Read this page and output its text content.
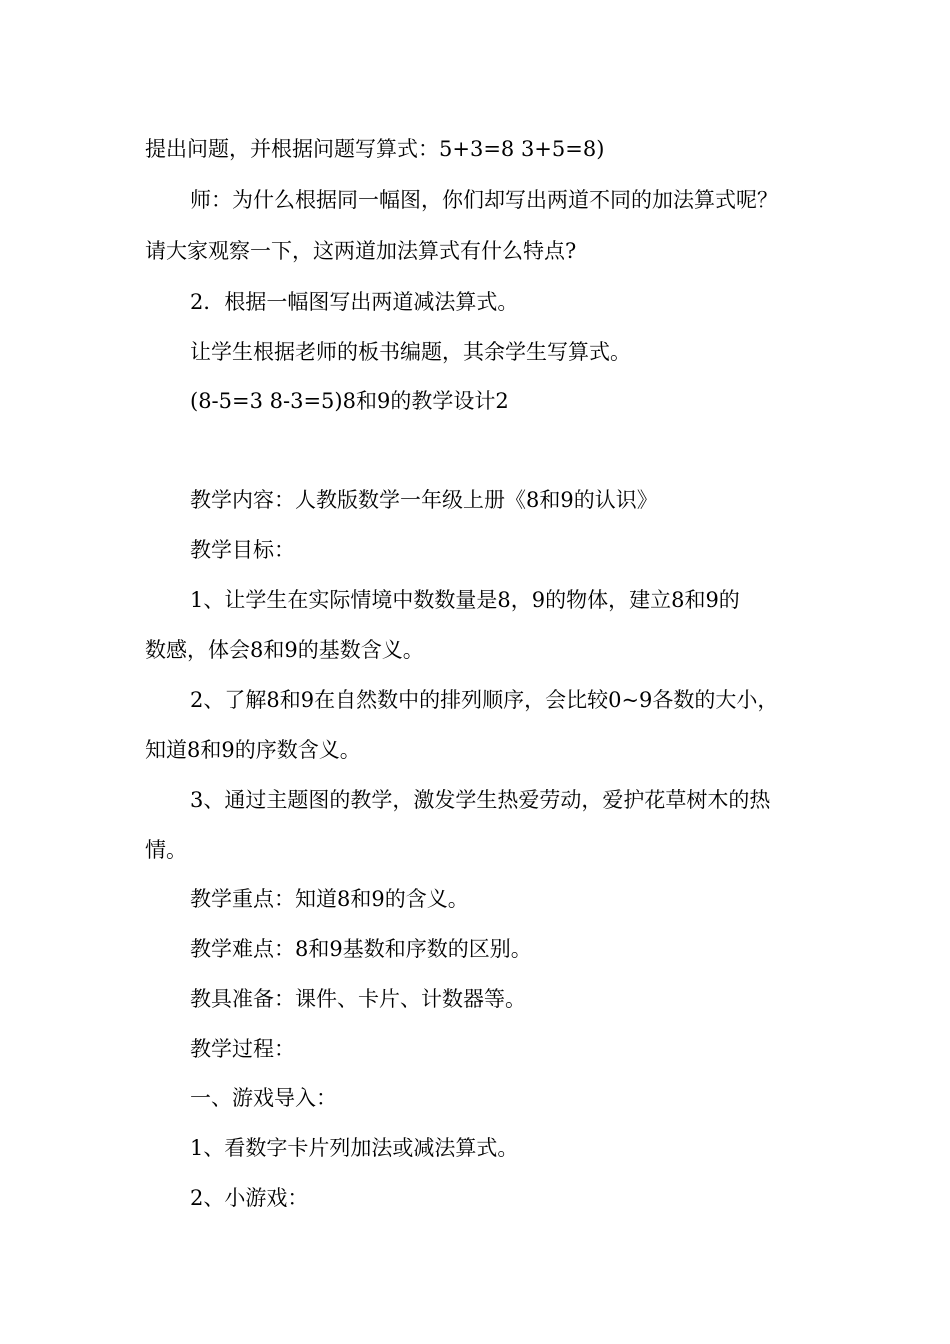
提出问题，并根据问题写算式：5+3=8 3+5=8)
师：为什么根据同一幅图，你们却写出两道不同的加法算式呢？
请大家观察一下，这两道加法算式有什么特点?
2．根据一幅图写出两道减法算式。
让学生根据老师的板书编题，其余学生写算式。
(8-5=3 8-3=5)8和9的教学设计2
教学内容：人教版数学一年级上册《8和9的认识》
教学目标：
1、让学生在实际情境中数数量是8，9的物体，建立8和9的
数感，体会8和9的基数含义。
2、了解8和9在自然数中的排列顺序，会比较0~9各数的大小，
知道8和9的序数含义。
3、通过主题图的教学，激发学生热爱劳动，爱护花草树木的热
情。
教学重点：知道8和9的含义。
教学难点：8和9基数和序数的区别。
教具准备：课件、卡片、计数器等。
教学过程：
一、游戏导入：
1、看数字卡片列加法或减法算式。
2、小游戏：
